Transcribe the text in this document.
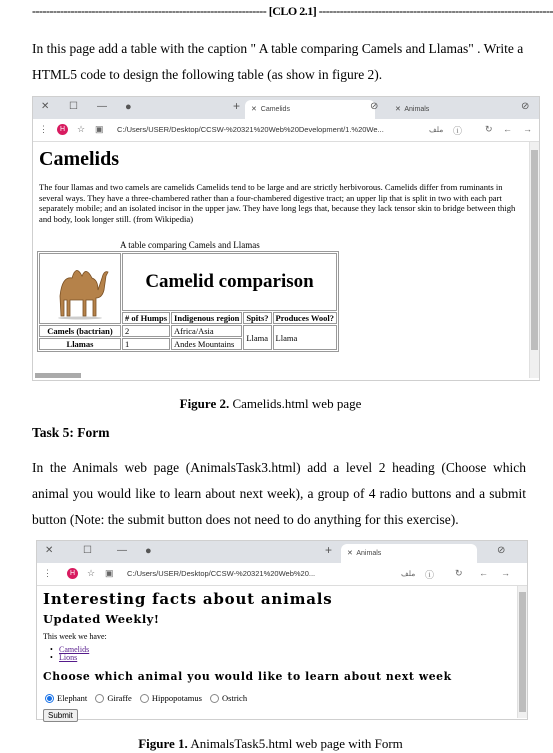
------------------------------------------------------------------- [CLO 2.1] -------------------------------------------------------------------
In this page add a table with the caption " A table comparing Camels and Llamas" . Write a HTML5 code to design the following table (as show in figure 2).
✕ ☐ — ●	+	✕  Camelids	⊘	✕  Animals	⊘
⋮	H	☆ ▣ C:/Users/USER/Desktop/CCSW-%20321%20Web%20Development/1.%20We...	ملف ⓘ	↻ ← →
Camelids
The four llamas and two camels are camelids Camelids tend to be large and are strictly herbivorous. Camelids differ from ruminants in several ways. They have a three-chambered rather than a four-chambered digestive tract; an upper lip that is split in two with each part separately mobile; and an isolated incisor in the upper jaw. They have long legs that, because they lack tensor skin to bridge between thigh and body, look longer still. (from Wikipedia)
A table comparing Camels and Llamas
	Camelid comparison			
	# of Humps	Indigenous region	Spits?	Produces Wool?
Camels (bactrian)	2	Africa/Asia	Llama	Llama
Llamas	1	Andes Mountains		
Figure 2. Camelids.html web page
Task 5: Form
In the Animals web page (AnimalsTask3.html) add a level 2 heading (Choose which animal you would like to learn about next week), a group of 4 radio buttons and a submit button (Note: the submit button does not need to do anything for this exercise).
✕	☐	— ●	+	✕  Animals	⊘
⋮	H	☆ ▣ C:/Users/USER/Desktop/CCSW-%20321%20Web%20...	ملف ⓘ ↻ ← →
Interesting facts about animals
Updated Weekly!
This week we have:
• Camelids
• Lions
Choose which animal you would like to learn about next week
Elephant Giraffe Hippopotamus Ostrich
Submit
Figure 1. AnimalsTask5.html web page with Form
